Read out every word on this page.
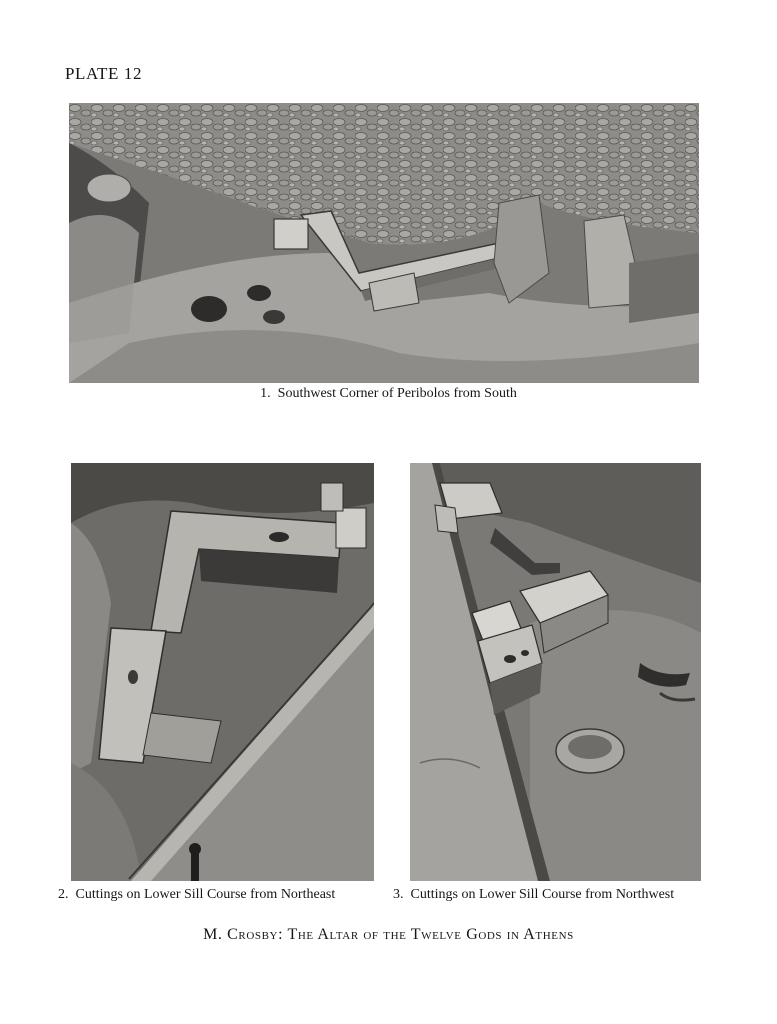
PLATE 12
1. Southwest Corner of Peribolos from South
2. Cuttings on Lower Sill Course from Northeast	3. Cuttings on Lower Sill Course from Northwest
M. Crosby: The Altar of the Twelve Gods in Athens
